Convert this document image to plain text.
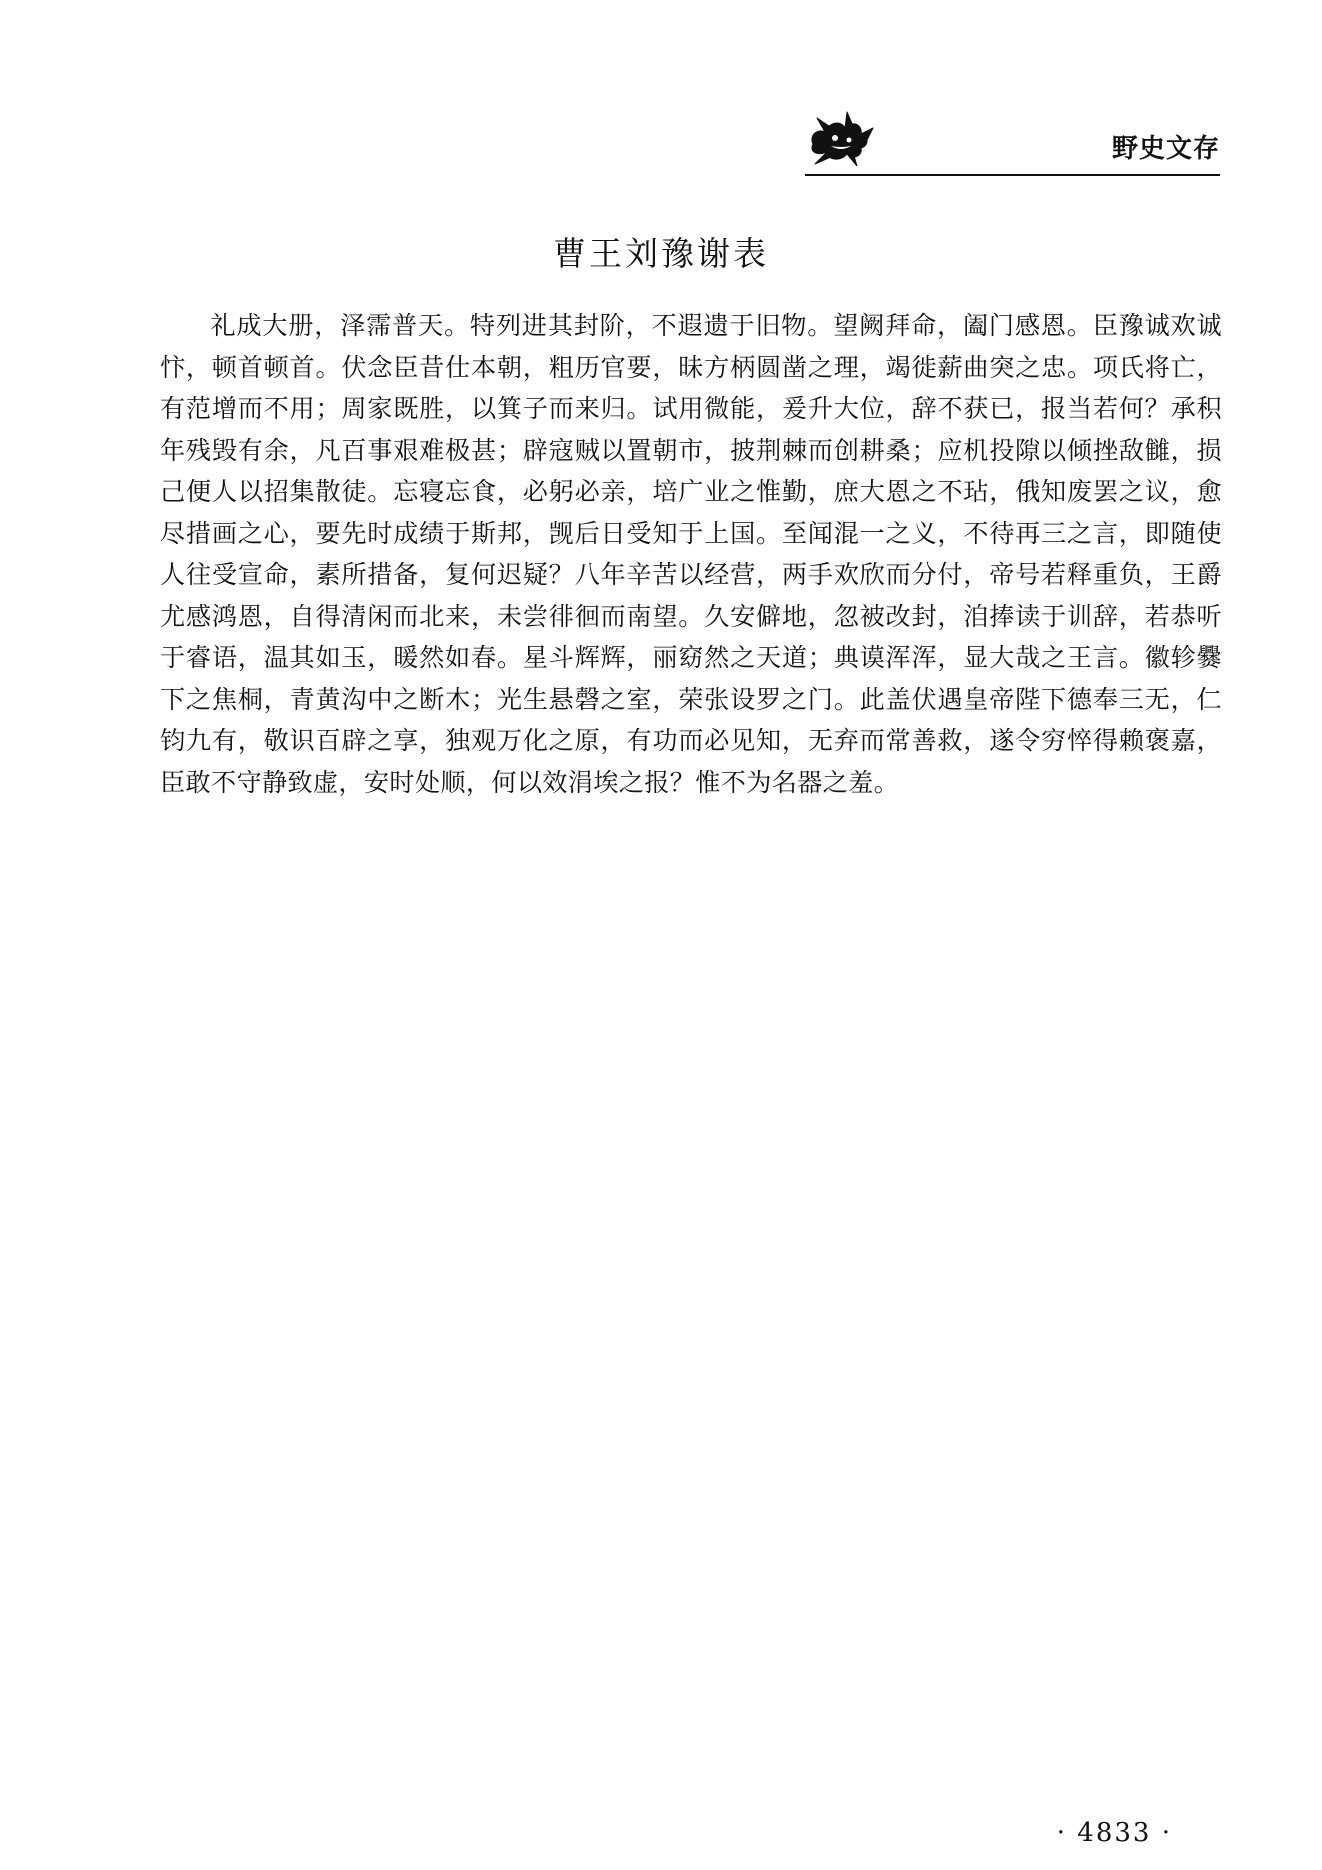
野史文存
曹王刘豫谢表
礼成大册，泽霈普天。特列进其封阶，不遐遗于旧物。望阙拜命，阖门感恩。臣豫诚欢诚忭，顿首顿首。伏念臣昔仕本朝，粗历官要，昧方柄圆凿之理，竭徙薪曲突之忠。项氏将亡，有范增而不用；周家既胜，以箕子而来归。试用微能，爰升大位，辞不获已，报当若何？承积年残毁有余，凡百事艰难极甚；辟寇贼以置朝市，披荆棘而创耕桑；应机投隙以倾挫敌雠，损己便人以招集散徒。忘寝忘食，必躬必亲，培广业之惟勤，庶大恩之不玷，俄知废罢之议，愈尽措画之心，要先时成绩于斯邦，觊后日受知于上国。至闻混一之义，不待再三之言，即随使人往受宣命，素所措备，复何迟疑？八年辛苦以经营，两手欢欣而分付，帝号若释重负，王爵尤感鸿恩，自得清闲而北来，未尝徘徊而南望。久安僻地，忽被改封，洎捧读于训辞，若恭听于睿语，温其如玉，暖然如春。星斗辉辉，丽窈然之天道；典谟浑浑，显大哉之王言。徽轸爨下之焦桐，青黄沟中之断木；光生悬磬之室，荣张设罗之门。此盖伏遇皇帝陛下德奉三无，仁钧九有，敬识百辟之享，独观万化之原，有功而必见知，无弃而常善救，遂令穷悴得赖褒嘉，臣敢不守静致虚，安时处顺，何以效涓埃之报？惟不为名器之羞。
· 4833 ·
